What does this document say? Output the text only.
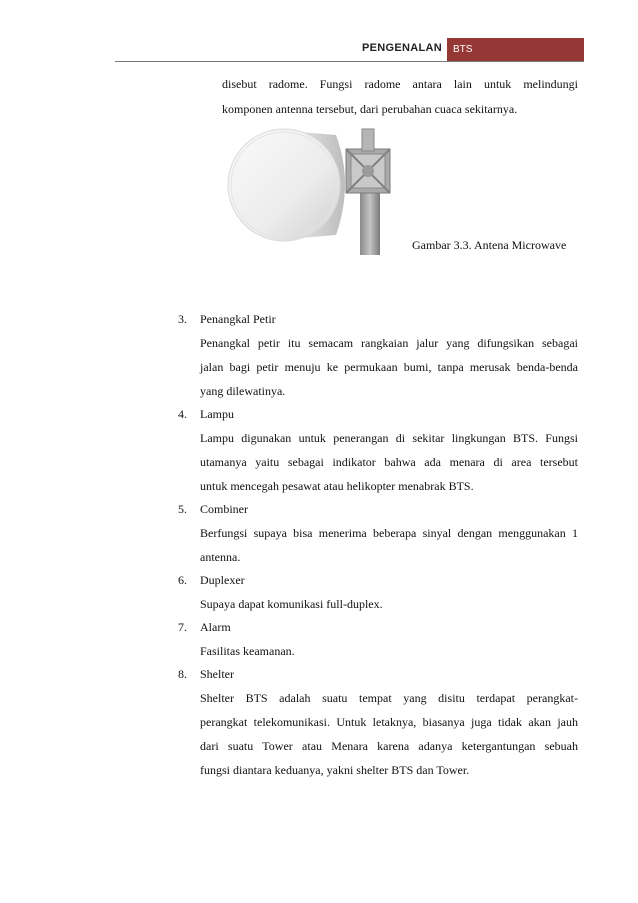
PENGENALAN	BTS
disebut radome. Fungsi radome antara lain untuk melindungi
komponen antenna tersebut, dari perubahan cuaca sekitarnya.
Gambar 3.3. Antena Microwave
3.	Penangkal Petir
Penangkal petir itu semacam rangkaian jalur yang difungsikan sebagai
jalan bagi petir menuju ke permukaan bumi, tanpa merusak benda-benda
yang dilewatinya.
4.	Lampu
Lampu digunakan untuk penerangan di sekitar lingkungan BTS. Fungsi
utamanya yaitu sebagai indikator bahwa ada menara di area tersebut
untuk mencegah pesawat atau helikopter menabrak BTS.
5.	Combiner
Berfungsi supaya bisa menerima beberapa sinyal dengan menggunakan 1
antenna.
6.	Duplexer
Supaya dapat komunikasi full-duplex.
7.	Alarm
Fasilitas keamanan.
8.	Shelter
Shelter BTS adalah suatu tempat yang disitu terdapat perangkat-
perangkat telekomunikasi. Untuk letaknya, biasanya juga tidak akan jauh
dari suatu Tower atau Menara karena adanya ketergantungan sebuah
fungsi diantara keduanya, yakni shelter BTS dan Tower.
